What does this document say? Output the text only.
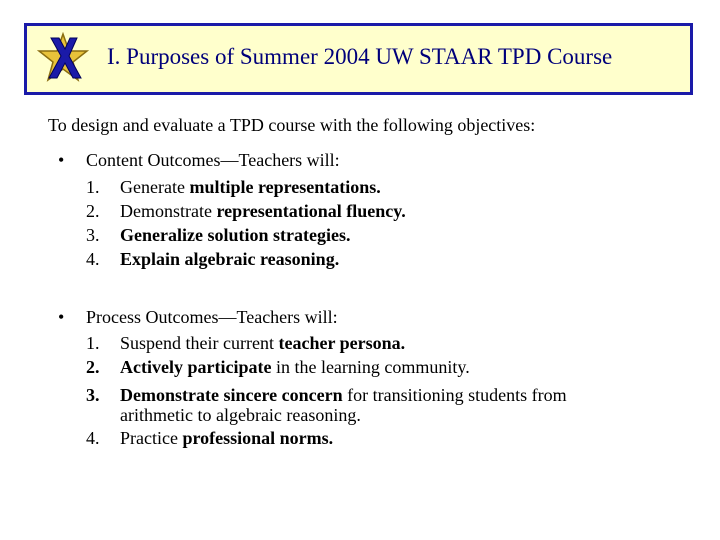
I. Purposes of Summer 2004 UW STAAR TPD Course
To design and evaluate a TPD course with the following objectives:
• Content Outcomes—Teachers will:
1. Generate multiple representations.
2. Demonstrate representational fluency.
3. Generalize solution strategies.
4. Explain algebraic reasoning.
• Process Outcomes—Teachers will:
1. Suspend their current teacher persona.
2. Actively participate in the learning community.
3. Demonstrate sincere concern for transitioning students from
arithmetic to algebraic reasoning.
4. Practice professional norms.
